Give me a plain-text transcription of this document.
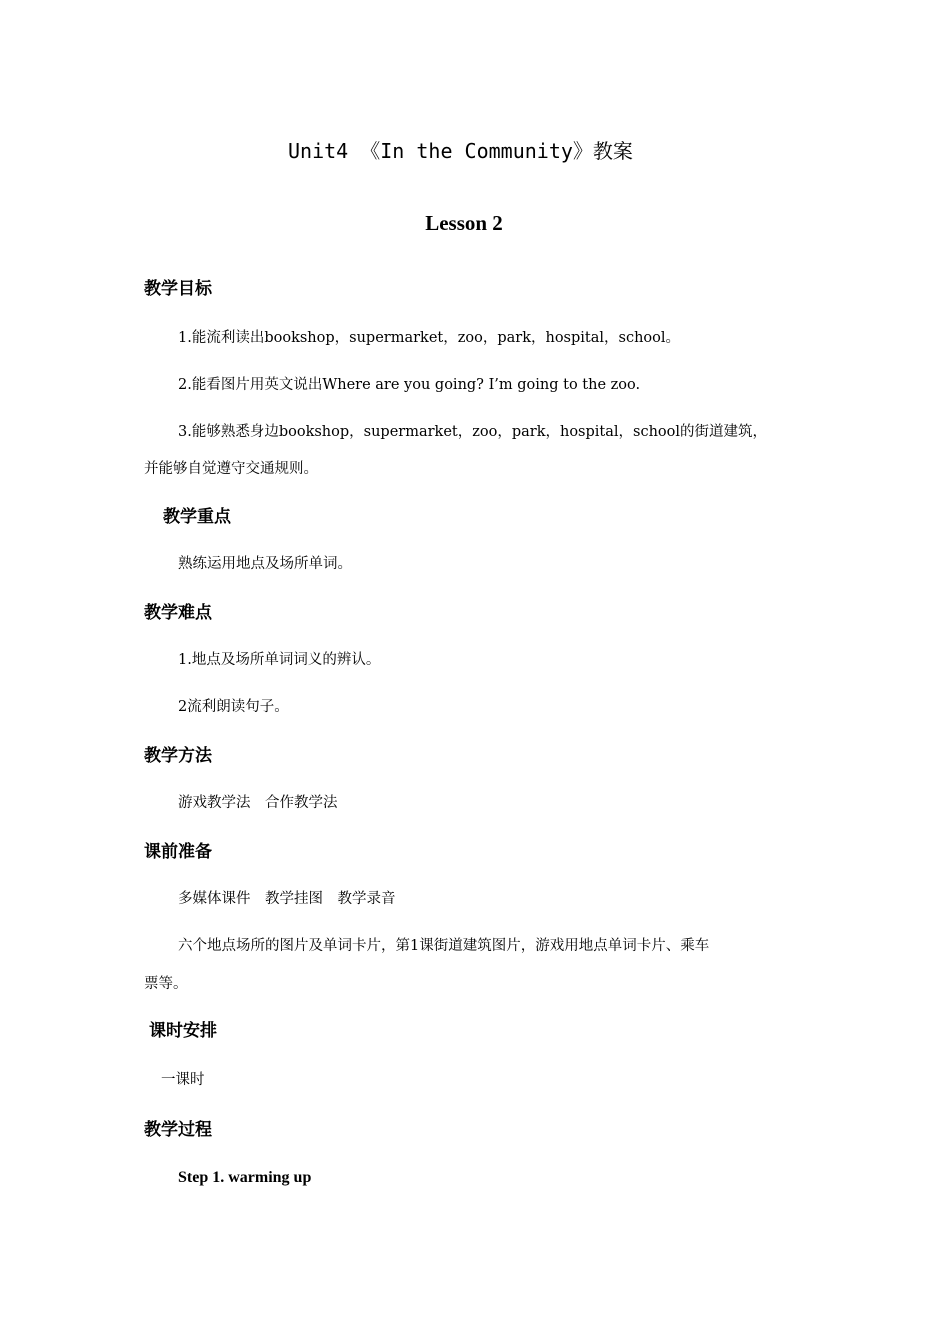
Unit4 《In the Community》教案
Lesson 2
教学目标
1.能流利读出bookshop，supermarket，zoo，park，hospital，school。
2.能看图片用英文说出Where are you going? I’m going to the zoo.
3.能够熟悉身边bookshop，supermarket，zoo，park，hospital，school的街道建筑，
并能够自觉遵守交通规则。
教学重点
熟练运用地点及场所单词。
教学难点
1.地点及场所单词词义的辨认。
2流利朗读句子。
教学方法
游戏教学法　合作教学法
课前准备
多媒体课件　教学挂图　教学录音
六个地点场所的图片及单词卡片，第1课街道建筑图片，游戏用地点单词卡片、乘车
票等。
课时安排
一课时
教学过程
Step 1. warming up
